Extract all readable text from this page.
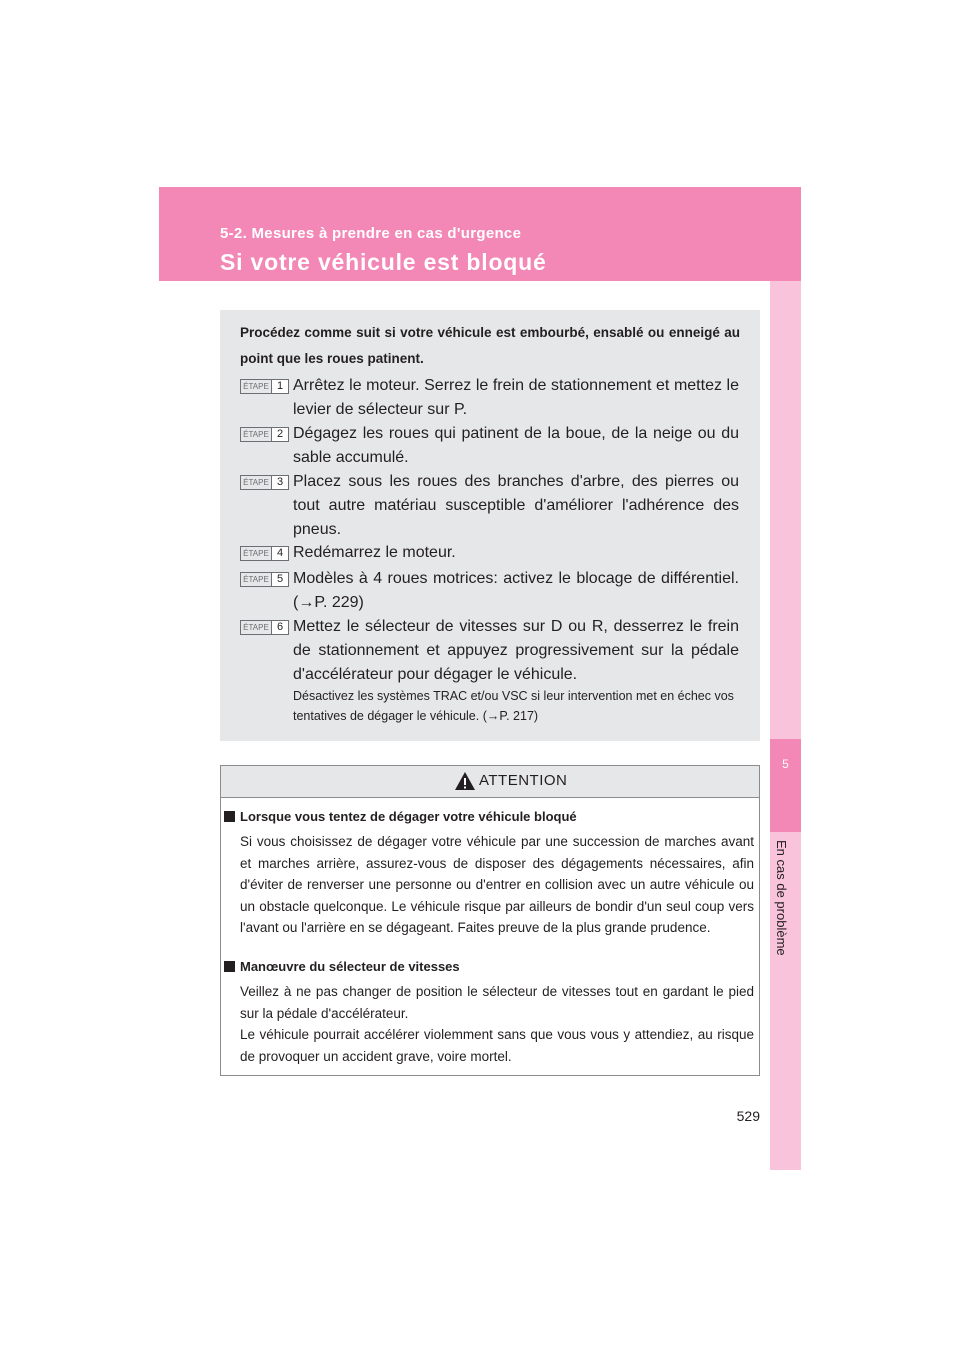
5-2. Mesures à prendre en cas d'urgence
Si votre véhicule est bloqué
5
En cas de problème
Procédez comme suit si votre véhicule est embourbé, ensablé ou enneigé au point que les roues patinent.
ÉTAPE 1 Arrêtez le moteur. Serrez le frein de stationnement et mettez le levier de sélecteur sur P.
ÉTAPE 2 Dégagez les roues qui patinent de la boue, de la neige ou du sable accumulé.
ÉTAPE 3 Placez sous les roues des branches d'arbre, des pierres ou tout autre matériau susceptible d'améliorer l'adhérence des pneus.
ÉTAPE 4 Redémarrez le moteur.
ÉTAPE 5 Modèles à 4 roues motrices: activez le blocage de différentiel. (→P. 229)
ÉTAPE 6 Mettez le sélecteur de vitesses sur D ou R, desserrez le frein de stationnement et appuyez progressivement sur la pédale d'accélérateur pour dégager le véhicule.
Désactivez les systèmes TRAC et/ou VSC si leur intervention met en échec vos tentatives de dégager le véhicule. (→P. 217)
ATTENTION
Lorsque vous tentez de dégager votre véhicule bloqué
Si vous choisissez de dégager votre véhicule par une succession de marches avant et marches arrière, assurez-vous de disposer des dégagements nécessaires, afin d'éviter de renverser une personne ou d'entrer en collision avec un autre véhicule ou un obstacle quelconque. Le véhicule risque par ailleurs de bondir d'un seul coup vers l'avant ou l'arrière en se dégageant. Faites preuve de la plus grande prudence.
Manœuvre du sélecteur de vitesses
Veillez à ne pas changer de position le sélecteur de vitesses tout en gardant le pied sur la pédale d'accélérateur.
Le véhicule pourrait accélérer violemment sans que vous vous y attendiez, au risque de provoquer un accident grave, voire mortel.
529
